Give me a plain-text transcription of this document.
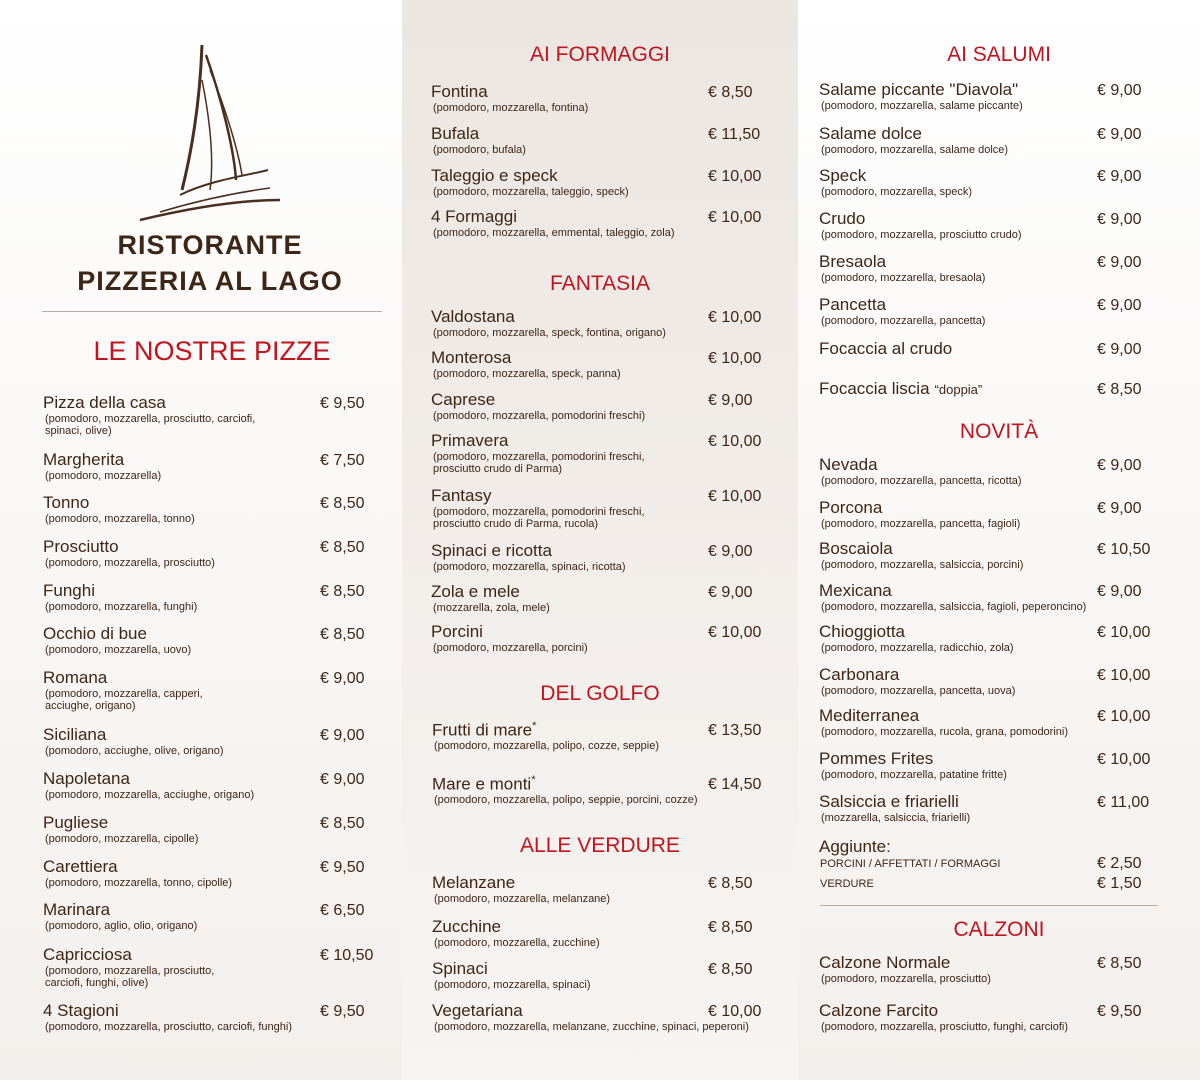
RISTORANTE
PIZZERIA AL LAGO
LE NOSTRE PIZZE
Pizza della casa
(pomodoro, mozzarella, prosciutto, carciofi,
spinaci, olive)
€ 9,50
Margherita
(pomodoro, mozzarella)
€ 7,50
Tonno
(pomodoro, mozzarella, tonno)
€ 8,50
Prosciutto
(pomodoro, mozzarella, prosciutto)
€ 8,50
Funghi
(pomodoro, mozzarella, funghi)
€ 8,50
Occhio di bue
(pomodoro, mozzarella, uovo)
€ 8,50
Romana
(pomodoro, mozzarella, capperi,
acciughe, origano)
€ 9,00
Siciliana
(pomodoro, acciughe, olive, origano)
€ 9,00
Napoletana
(pomodoro, mozzarella, acciughe, origano)
€ 9,00
Pugliese
(pomodoro, mozzarella, cipolle)
€ 8,50
Carettiera
(pomodoro, mozzarella, tonno, cipolle)
€ 9,50
Marinara
(pomodoro, aglio, olio, origano)
€ 6,50
Capricciosa
(pomodoro, mozzarella, prosciutto,
carciofi, funghi, olive)
€ 10,50
4 Stagioni
(pomodoro, mozzarella, prosciutto, carciofi, funghi)
€ 9,50
AI FORMAGGI
Fontina
(pomodoro, mozzarella, fontina)
€ 8,50
Bufala
(pomodoro, bufala)
€ 11,50
Taleggio e speck
(pomodoro, mozzarella, taleggio, speck)
€ 10,00
4 Formaggi
(pomodoro, mozzarella, emmental, taleggio, zola)
€ 10,00
FANTASIA
Valdostana
(pomodoro, mozzarella, speck, fontina, origano)
€ 10,00
Monterosa
(pomodoro, mozzarella, speck, panna)
€ 10,00
Caprese
(pomodoro, mozzarella, pomodorini freschi)
€ 9,00
Primavera
(pomodoro, mozzarella, pomodorini freschi,
prosciutto crudo di Parma)
€ 10,00
Fantasy
(pomodoro, mozzarella, pomodorini freschi,
prosciutto crudo di Parma, rucola)
€ 10,00
Spinaci e ricotta
(pomodoro, mozzarella, spinaci, ricotta)
€ 9,00
Zola e mele
(mozzarella, zola, mele)
€ 9,00
Porcini
(pomodoro, mozzarella, porcini)
€ 10,00
DEL GOLFO
Frutti di mare*
(pomodoro, mozzarella, polipo, cozze, seppie)
€ 13,50
Mare e monti*
(pomodoro, mozzarella, polipo, seppie, porcini, cozze)
€ 14,50
ALLE VERDURE
Melanzane
(pomodoro, mozzarella, melanzane)
€ 8,50
Zucchine
(pomodoro, mozzarella, zucchine)
€ 8,50
Spinaci
(pomodoro, mozzarella, spinaci)
€ 8,50
Vegetariana
(pomodoro, mozzarella, melanzane, zucchine, spinaci, peperoni)
€ 10,00
AI SALUMI
Salame piccante "Diavola"
(pomodoro, mozzarella, salame piccante)
€ 9,00
Salame dolce
(pomodoro, mozzarella, salame dolce)
€ 9,00
Speck
(pomodoro, mozzarella, speck)
€ 9,00
Crudo
(pomodoro, mozzarella, prosciutto crudo)
€ 9,00
Bresaola
(pomodoro, mozzarella, bresaola)
€ 9,00
Pancetta
(pomodoro, mozzarella, pancetta)
€ 9,00
Focaccia al crudo	€ 9,00
Focaccia liscia “doppia”	€ 8,50
NOVITÀ
Nevada
(pomodoro, mozzarella, pancetta, ricotta)
€ 9,00
Porcona
(pomodoro, mozzarella, pancetta, fagioli)
€ 9,00
Boscaiola
(pomodoro, mozzarella, salsiccia, porcini)
€ 10,50
Mexicana
(pomodoro, mozzarella, salsiccia, fagioli, peperoncino)
€ 9,00
Chioggiotta
(pomodoro, mozzarella, radicchio, zola)
€ 10,00
Carbonara
(pomodoro, mozzarella, pancetta, uova)
€ 10,00
Mediterranea
(pomodoro, mozzarella, rucola, grana, pomodorini)
€ 10,00
Pommes Frites
(pomodoro, mozzarella, patatine fritte)
€ 10,00
Salsiccia e friarielli
(mozzarella, salsiccia, friarielli)
€ 11,00
Aggiunte:
PORCINI / AFFETTATI / FORMAGGI	€ 2,50
VERDURE	€ 1,50
CALZONI
Calzone Normale
(pomodoro, mozzarella, prosciutto)
€ 8,50
Calzone Farcito
(pomodoro, mozzarella, prosciutto, funghi, carciofi)
€ 9,50
